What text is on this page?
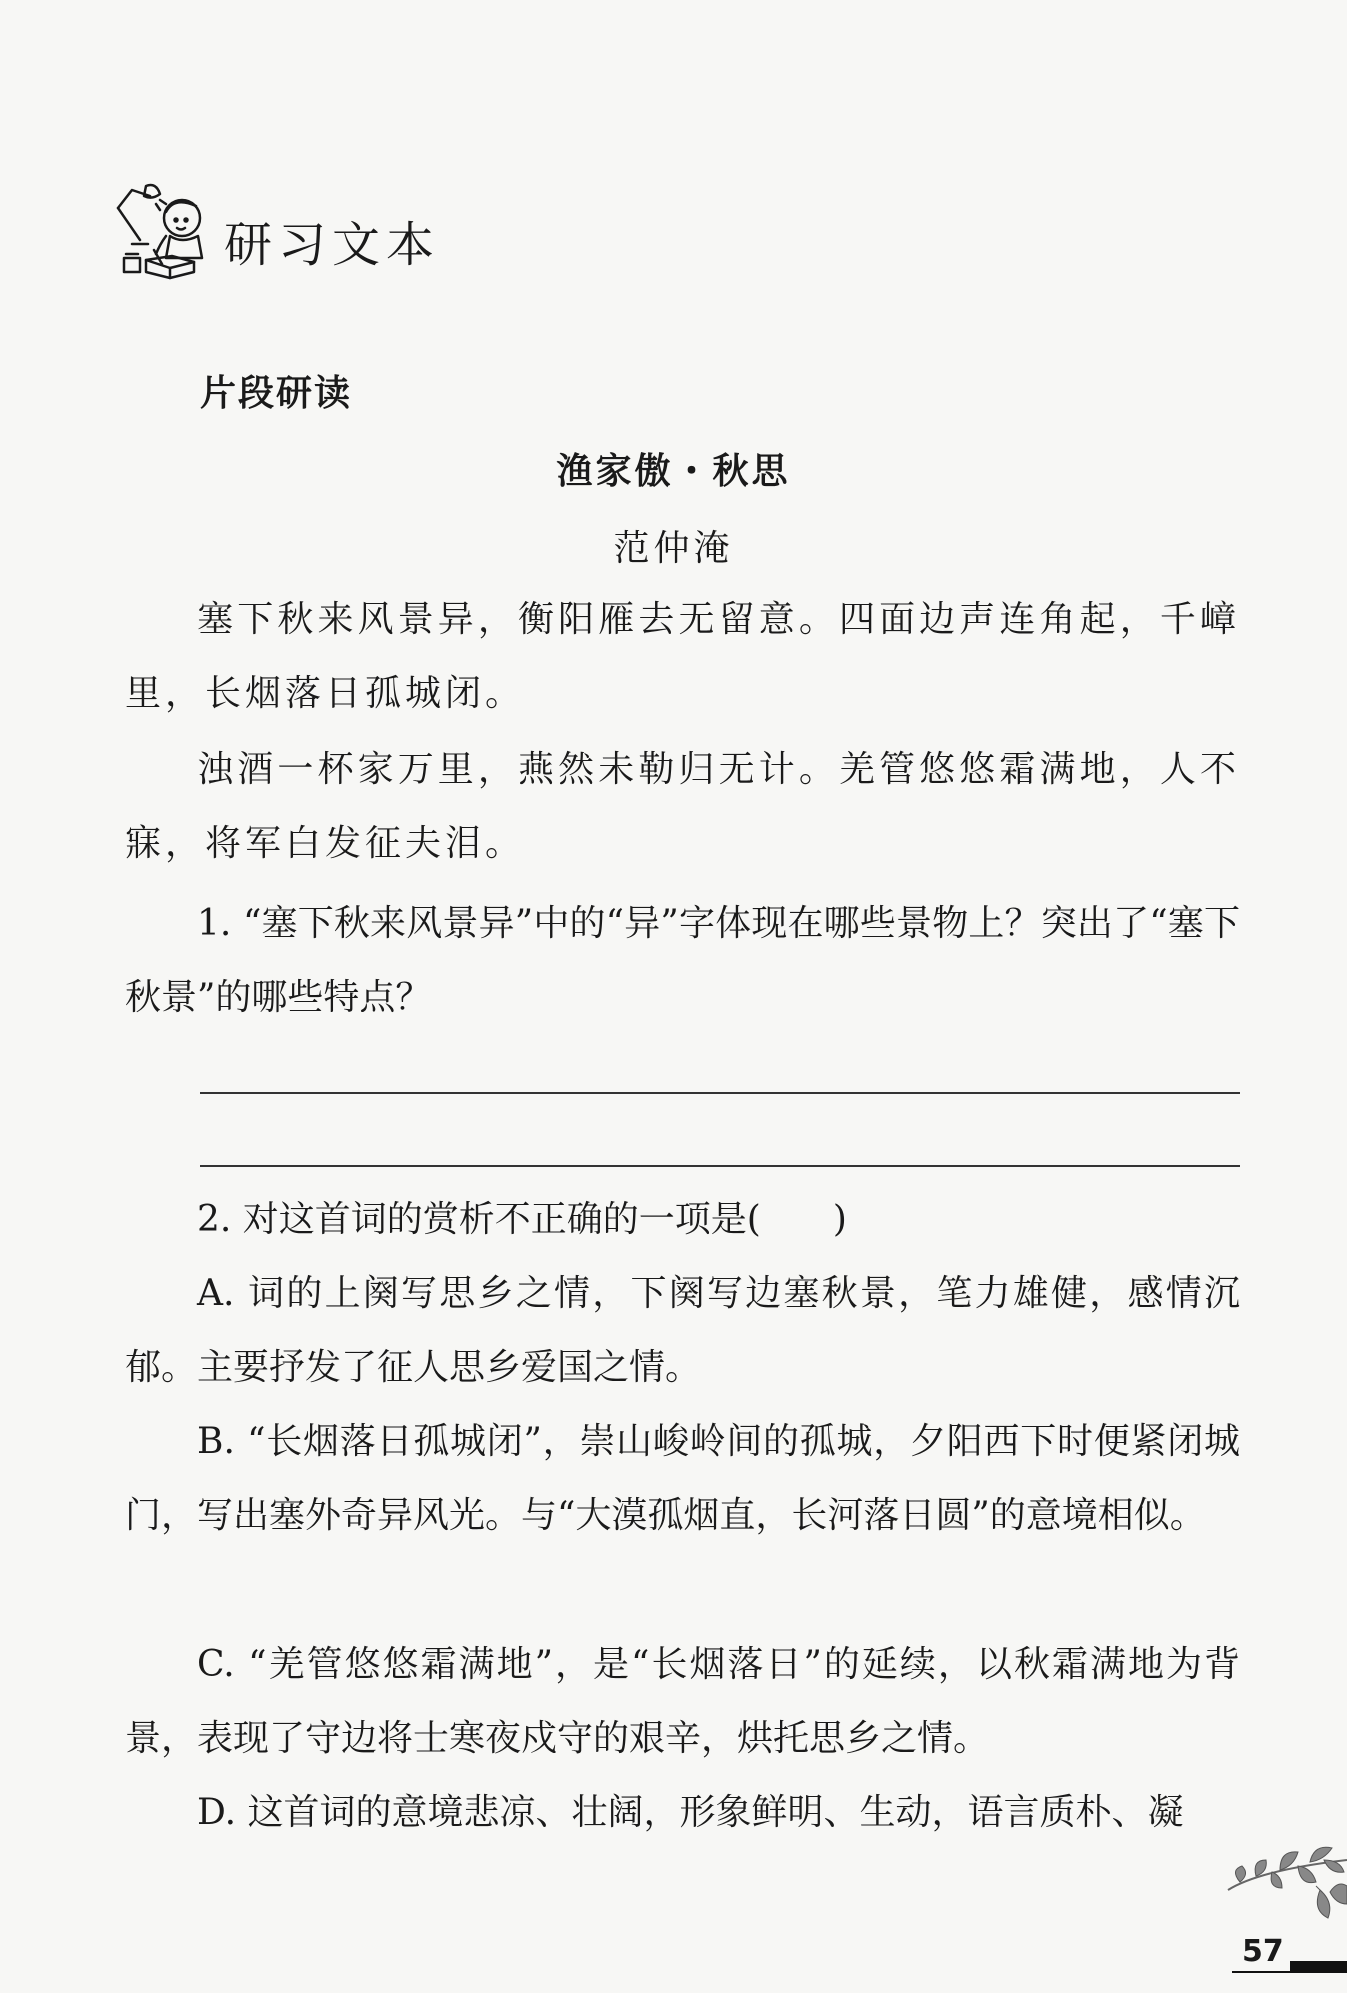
研习文本
片段研读
渔家傲・秋思
范仲淹
塞下秋来风景异，衡阳雁去无留意。四面边声连角起，千嶂里，长烟落日孤城闭。
浊酒一杯家万里，燕然未勒归无计。羌管悠悠霜满地，人不寐，将军白发征夫泪。
1. “塞下秋来风景异”中的“异”字体现在哪些景物上？突出了“塞下秋景”的哪些特点？
2. 对这首词的赏析不正确的一项是(　　)
A. 词的上阕写思乡之情，下阕写边塞秋景，笔力雄健，感情沉郁。主要抒发了征人思乡爱国之情。
B. “长烟落日孤城闭”，崇山峻岭间的孤城，夕阳西下时便紧闭城门，写出塞外奇异风光。与“大漠孤烟直，长河落日圆”的意境相似。
C. “羌管悠悠霜满地”，是“长烟落日”的延续，以秋霜满地为背景，表现了守边将士寒夜戍守的艰辛，烘托思乡之情。
D. 这首词的意境悲凉、壮阔，形象鲜明、生动，语言质朴、凝
57
